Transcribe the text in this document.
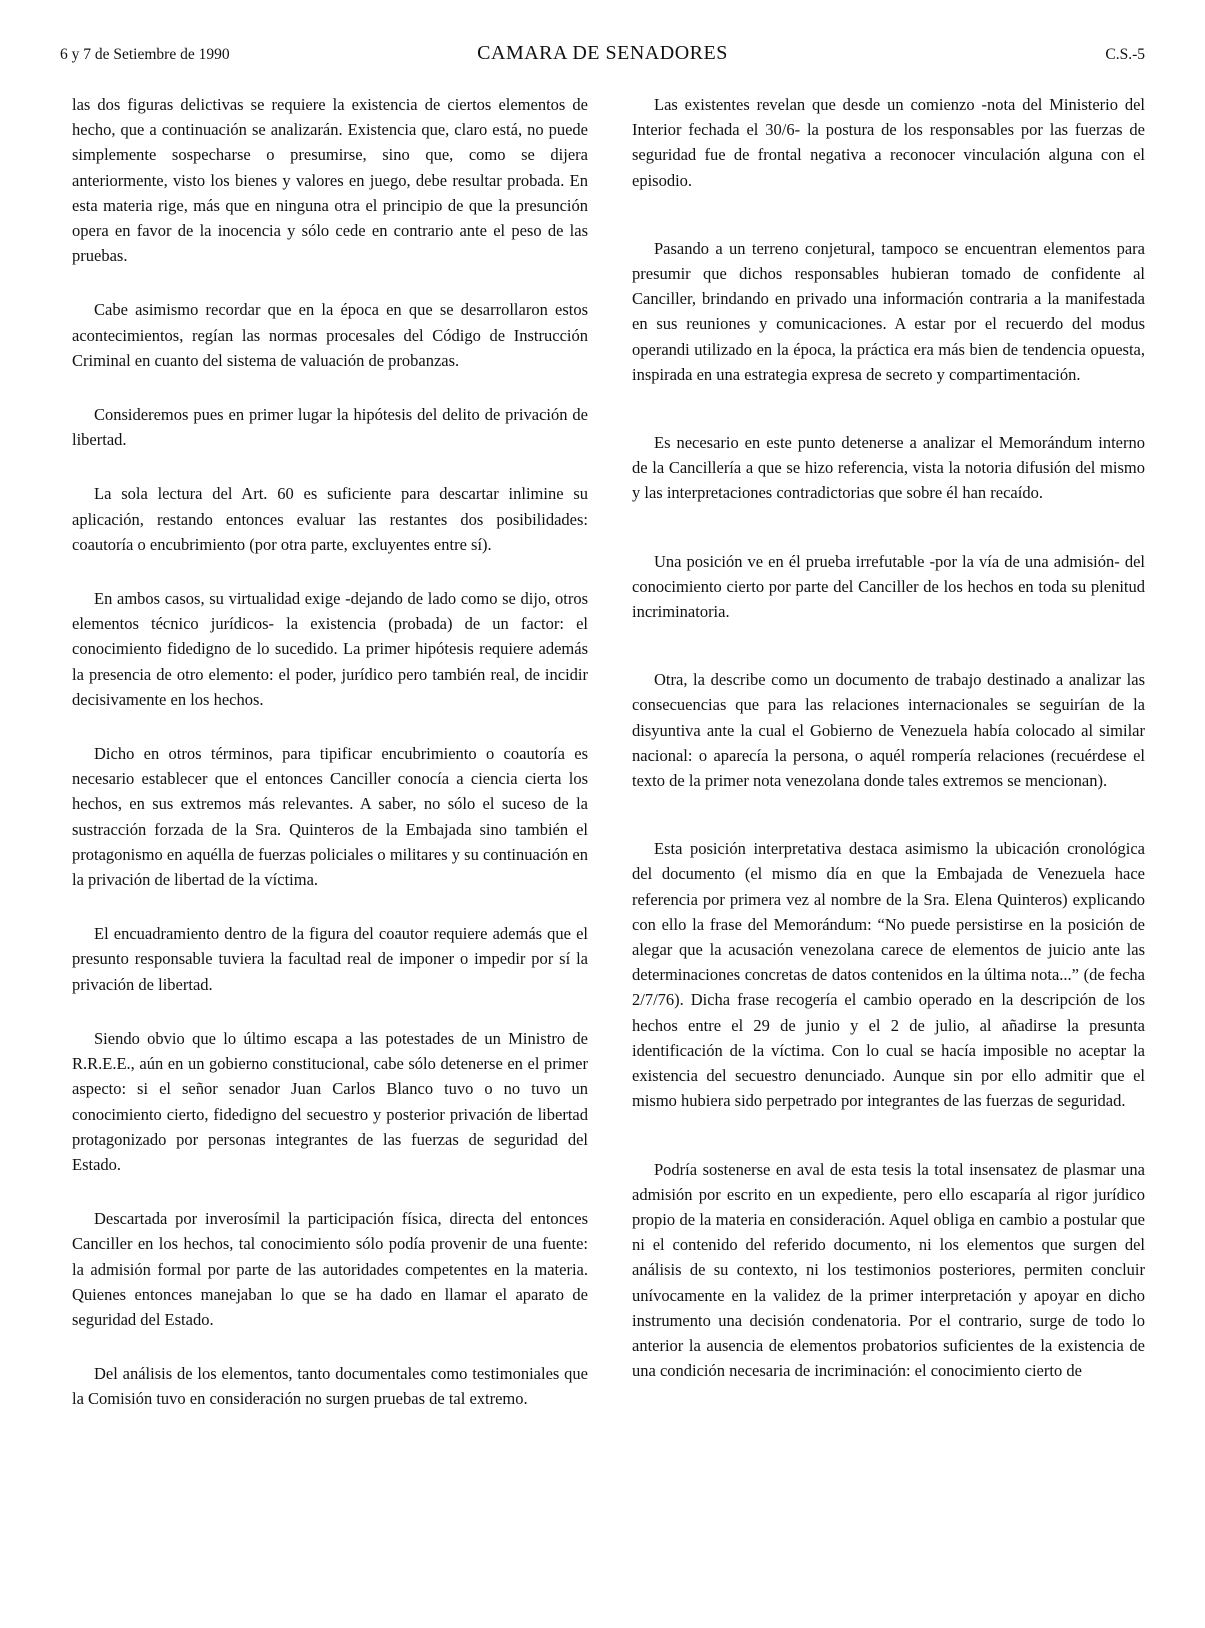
6 y 7 de Setiembre de 1990	CAMARA DE SENADORES	C.S.-5

las dos figuras delictivas se requiere la existencia de ciertos elementos de hecho, que a continuación se analizarán. Existencia que, claro está, no puede simplemente sospecharse o presumirse, sino que, como se dijera anteriormente, visto los bienes y valores en juego, debe resultar probada. En esta materia rige, más que en ninguna otra el principio de que la presunción opera en favor de la inocencia y sólo cede en contrario ante el peso de las pruebas.

Cabe asimismo recordar que en la época en que se desarrollaron estos acontecimientos, regían las normas procesales del Código de Instrucción Criminal en cuanto del sistema de valuación de probanzas.

Consideremos pues en primer lugar la hipótesis del delito de privación de libertad.

La sola lectura del Art. 60 es suficiente para descartar inlimine su aplicación, restando entonces evaluar las restantes dos posibilidades: coautoría o encubrimiento (por otra parte, excluyentes entre sí).

En ambos casos, su virtualidad exige -dejando de lado como se dijo, otros elementos técnico jurídicos- la existencia (probada) de un factor: el conocimiento fidedigno de lo sucedido. La primer hipótesis requiere además la presencia de otro elemento: el poder, jurídico pero también real, de incidir decisivamente en los hechos.

Dicho en otros términos, para tipificar encubrimiento o coautoría es necesario establecer que el entonces Canciller conocía a ciencia cierta los hechos, en sus extremos más relevantes. A saber, no sólo el suceso de la sustracción forzada de la Sra. Quinteros de la Embajada sino también el protagonismo en aquélla de fuerzas policiales o militares y su continuación en la privación de libertad de la víctima.

El encuadramiento dentro de la figura del coautor requiere además que el presunto responsable tuviera la facultad real de imponer o impedir por sí la privación de libertad.

Siendo obvio que lo último escapa a las potestades de un Ministro de R.R.E.E., aún en un gobierno constitucional, cabe sólo detenerse en el primer aspecto: si el señor senador Juan Carlos Blanco tuvo o no tuvo un conocimiento cierto, fidedigno del secuestro y posterior privación de libertad protagonizado por personas integrantes de las fuerzas de seguridad del Estado.

Descartada por inverosímil la participación física, directa del entonces Canciller en los hechos, tal conocimiento sólo podía provenir de una fuente: la admisión formal por parte de las autoridades competentes en la materia. Quienes entonces manejaban lo que se ha dado en llamar el aparato de seguridad del Estado.

Del análisis de los elementos, tanto documentales como testimoniales que la Comisión tuvo en consideración no surgen pruebas de tal extremo.

Las existentes revelan que desde un comienzo -nota del Ministerio del Interior fechada el 30/6- la postura de los responsables por las fuerzas de seguridad fue de frontal negativa a reconocer vinculación alguna con el episodio.

Pasando a un terreno conjetural, tampoco se encuentran elementos para presumir que dichos responsables hubieran tomado de confidente al Canciller, brindando en privado una información contraria a la manifestada en sus reuniones y comunicaciones. A estar por el recuerdo del modus operandi utilizado en la época, la práctica era más bien de tendencia opuesta, inspirada en una estrategia expresa de secreto y compartimentación.

Es necesario en este punto detenerse a analizar el Memorándum interno de la Cancillería a que se hizo referencia, vista la notoria difusión del mismo y las interpretaciones contradictorias que sobre él han recaído.

Una posición ve en él prueba irrefutable -por la vía de una admisión- del conocimiento cierto por parte del Canciller de los hechos en toda su plenitud incriminatoria.

Otra, la describe como un documento de trabajo destinado a analizar las consecuencias que para las relaciones internacionales se seguirían de la disyuntiva ante la cual el Gobierno de Venezuela había colocado al similar nacional: o aparecía la persona, o aquél rompería relaciones (recuérdese el texto de la primer nota venezolana donde tales extremos se mencionan).

Esta posición interpretativa destaca asimismo la ubicación cronológica del documento (el mismo día en que la Embajada de Venezuela hace referencia por primera vez al nombre de la Sra. Elena Quinteros) explicando con ello la frase del Memorándum: “No puede persistirse en la posición de alegar que la acusación venezolana carece de elementos de juicio ante las determinaciones concretas de datos contenidos en la última nota...” (de fecha 2/7/76). Dicha frase recogería el cambio operado en la descripción de los hechos entre el 29 de junio y el 2 de julio, al añadirse la presunta identificación de la víctima. Con lo cual se hacía imposible no aceptar la existencia del secuestro denunciado. Aunque sin por ello admitir que el mismo hubiera sido perpetrado por integrantes de las fuerzas de seguridad.

Podría sostenerse en aval de esta tesis la total insensatez de plasmar una admisión por escrito en un expediente, pero ello escaparía al rigor jurídico propio de la materia en consideración. Aquel obliga en cambio a postular que ni el contenido del referido documento, ni los elementos que surgen del análisis de su contexto, ni los testimonios posteriores, permiten concluir unívocamente en la validez de la primer interpretación y apoyar en dicho instrumento una decisión condenatoria. Por el contrario, surge de todo lo anterior la ausencia de elementos probatorios suficientes de la existencia de una condición necesaria de incriminación: el conocimiento cierto de
